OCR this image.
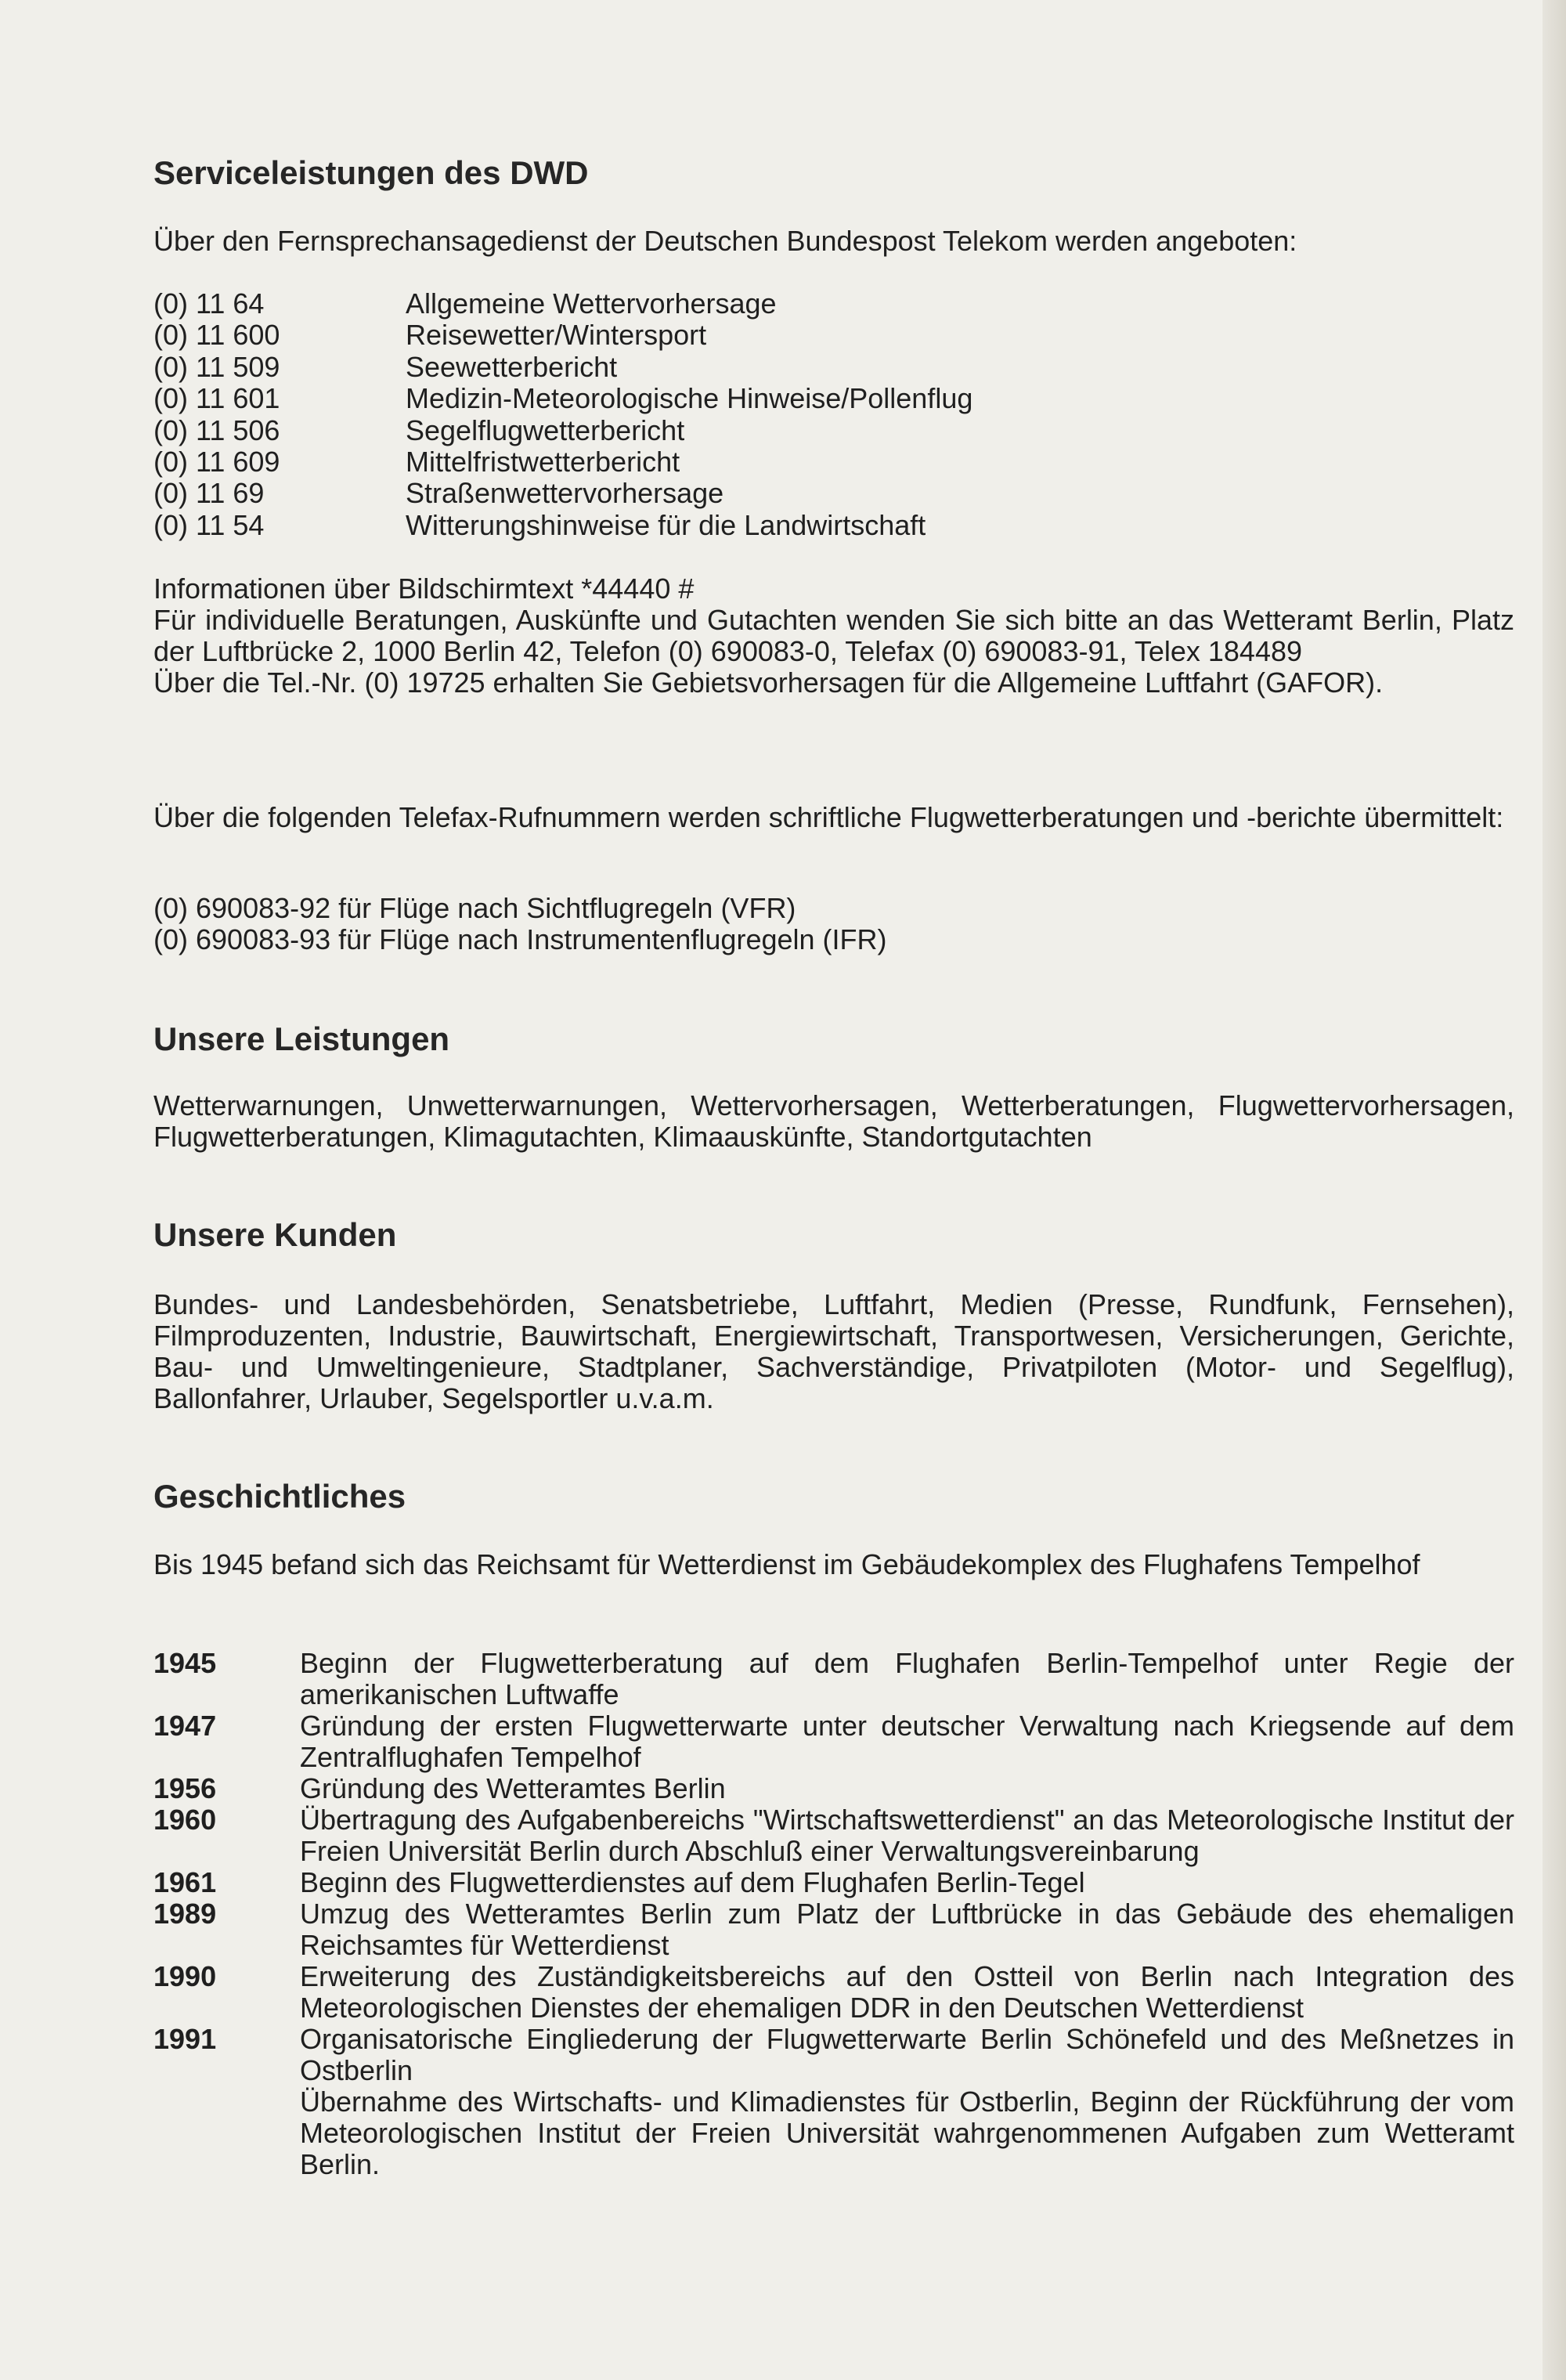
Serviceleistungen des DWD

Über den Fernsprechansagedienst der Deutschen Bundespost Telekom werden angeboten:

(0) 11 64	Allgemeine Wettervorhersage
(0) 11 600	Reisewetter/Wintersport
(0) 11 509	Seewetterbericht
(0) 11 601	Medizin-Meteorologische Hinweise/Pollenflug
(0) 11 506	Segelflugwetterbericht
(0) 11 609	Mittelfristwetterbericht
(0) 11 69	Straßenwettervorhersage
(0) 11 54	Witterungshinweise für die Landwirtschaft

Informationen über Bildschirmtext *44440 #
Für individuelle Beratungen, Auskünfte und Gutachten wenden Sie sich bitte an das Wetteramt Berlin, Platz der Luftbrücke 2, 1000 Berlin 42, Telefon (0) 690083-0, Telefax (0) 690083-91, Telex 184489
Über die Tel.-Nr. (0) 19725 erhalten Sie Gebietsvorhersagen für die Allgemeine Luftfahrt (GAFOR).

Über die folgenden Telefax-Rufnummern werden schriftliche Flugwetterberatungen und -berichte übermittelt:

(0) 690083-92 für Flüge nach Sichtflugregeln (VFR)
(0) 690083-93 für Flüge nach Instrumentenflugregeln (IFR)
Unsere Leistungen

Wetterwarnungen, Unwetterwarnungen, Wettervorhersagen, Wetterberatungen, Flugwettervorhersagen, Flugwetterberatungen, Klimagutachten, Klimaauskünfte, Standortgutachten

Unsere Kunden

Bundes- und Landesbehörden, Senatsbetriebe, Luftfahrt, Medien (Presse, Rundfunk, Fernsehen), Filmproduzenten, Industrie, Bauwirtschaft, Energiewirtschaft, Transportwesen, Versicherungen, Gerichte, Bau- und Umweltingenieure, Stadtplaner, Sachverständige, Privatpiloten (Motor- und Segelflug), Ballonfahrer, Urlauber, Segelsportler u.v.a.m.

Geschichtliches

Bis 1945 befand sich das Reichsamt für Wetterdienst im Gebäudekomplex des Flughafens Tempelhof

1945	Beginn der Flugwetterberatung auf dem Flughafen Berlin-Tempelhof unter Regie der amerikanischen Luftwaffe
1947	Gründung der ersten Flugwetterwarte unter deutscher Verwaltung nach Kriegsende auf dem Zentralflughafen Tempelhof
1956	Gründung des Wetteramtes Berlin
1960	Übertragung des Aufgabenbereichs "Wirtschaftswetterdienst" an das Meteorologische Institut der Freien Universität Berlin durch Abschluß einer Verwaltungsvereinbarung
1961	Beginn des Flugwetterdienstes auf dem Flughafen Berlin-Tegel
1989	Umzug des Wetteramtes Berlin zum Platz der Luftbrücke in das Gebäude des ehemaligen Reichsamtes für Wetterdienst
1990	Erweiterung des Zuständigkeitsbereichs auf den Ostteil von Berlin nach Integration des Meteorologischen Dienstes der ehemaligen DDR in den Deutschen Wetterdienst
1991	Organisatorische Eingliederung der Flugwetterwarte Berlin Schönefeld und des Meßnetzes in Ostberlin
Übernahme des Wirtschafts- und Klimadienstes für Ostberlin, Beginn der Rückführung der vom Meteorologischen Institut der Freien Universität wahrgenommenen Aufgaben zum Wetteramt Berlin.
